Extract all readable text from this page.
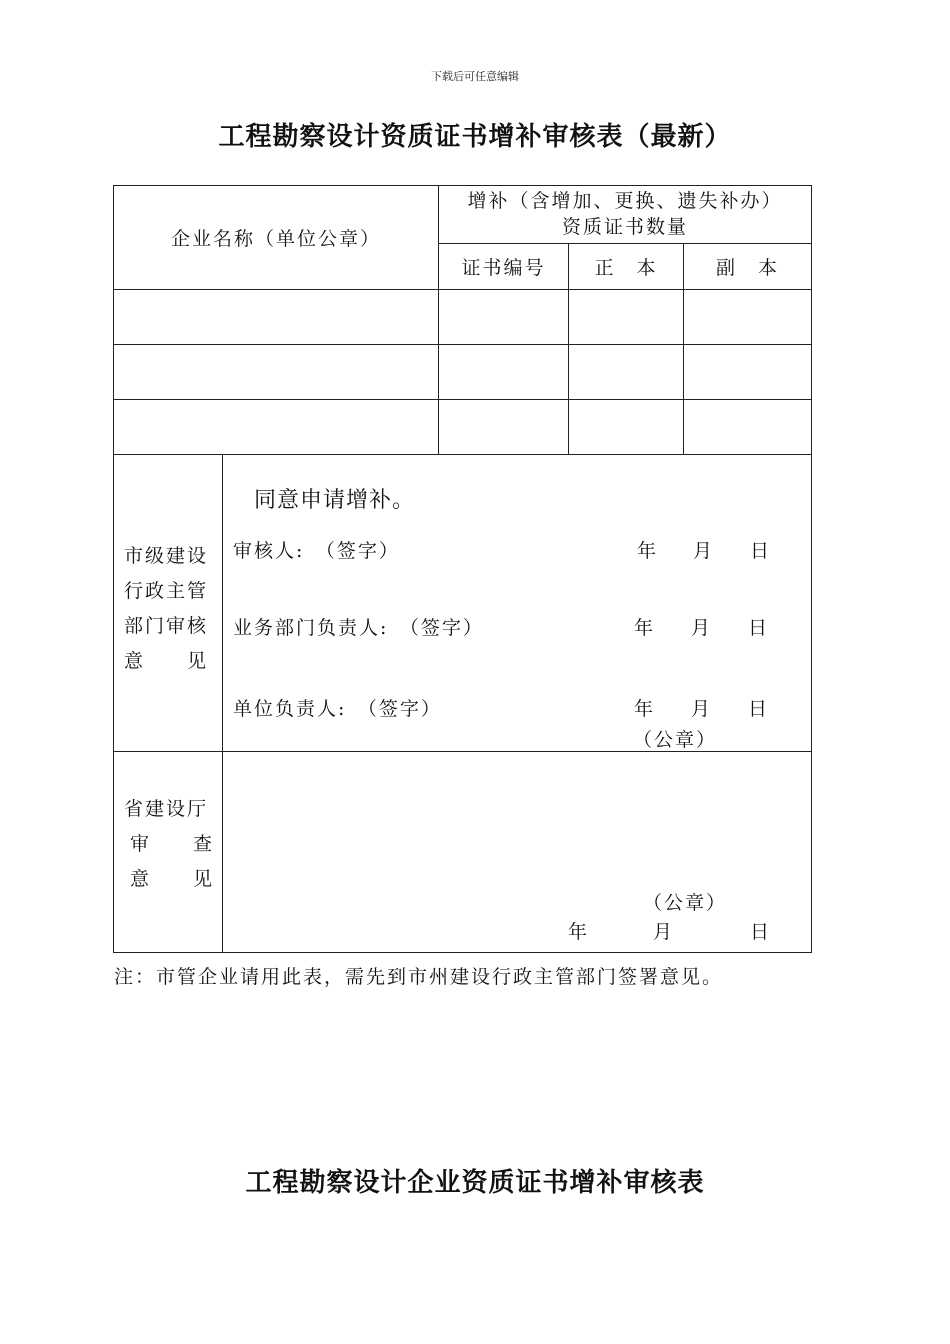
下载后可任意编辑
工程勘察设计资质证书增补审核表（最新）
企业名称（单位公章）
增补（含增加、更换、遗失补办）
资质证书数量
证书编号	正　本	副　本
市级建设
行政主管
部门审核
意　　见
同意申请增补。
审核人:　（签字）	年 月 日
业务部门负责人:　（签字）	年 月 日
单位负责人:　（签字）	年 月 日
（公章）
省建设厅
审　　查
意　　见
（公章）
年	月	日
注：市管企业请用此表，需先到市州建设行政主管部门签署意见。
工程勘察设计企业资质证书增补审核表
